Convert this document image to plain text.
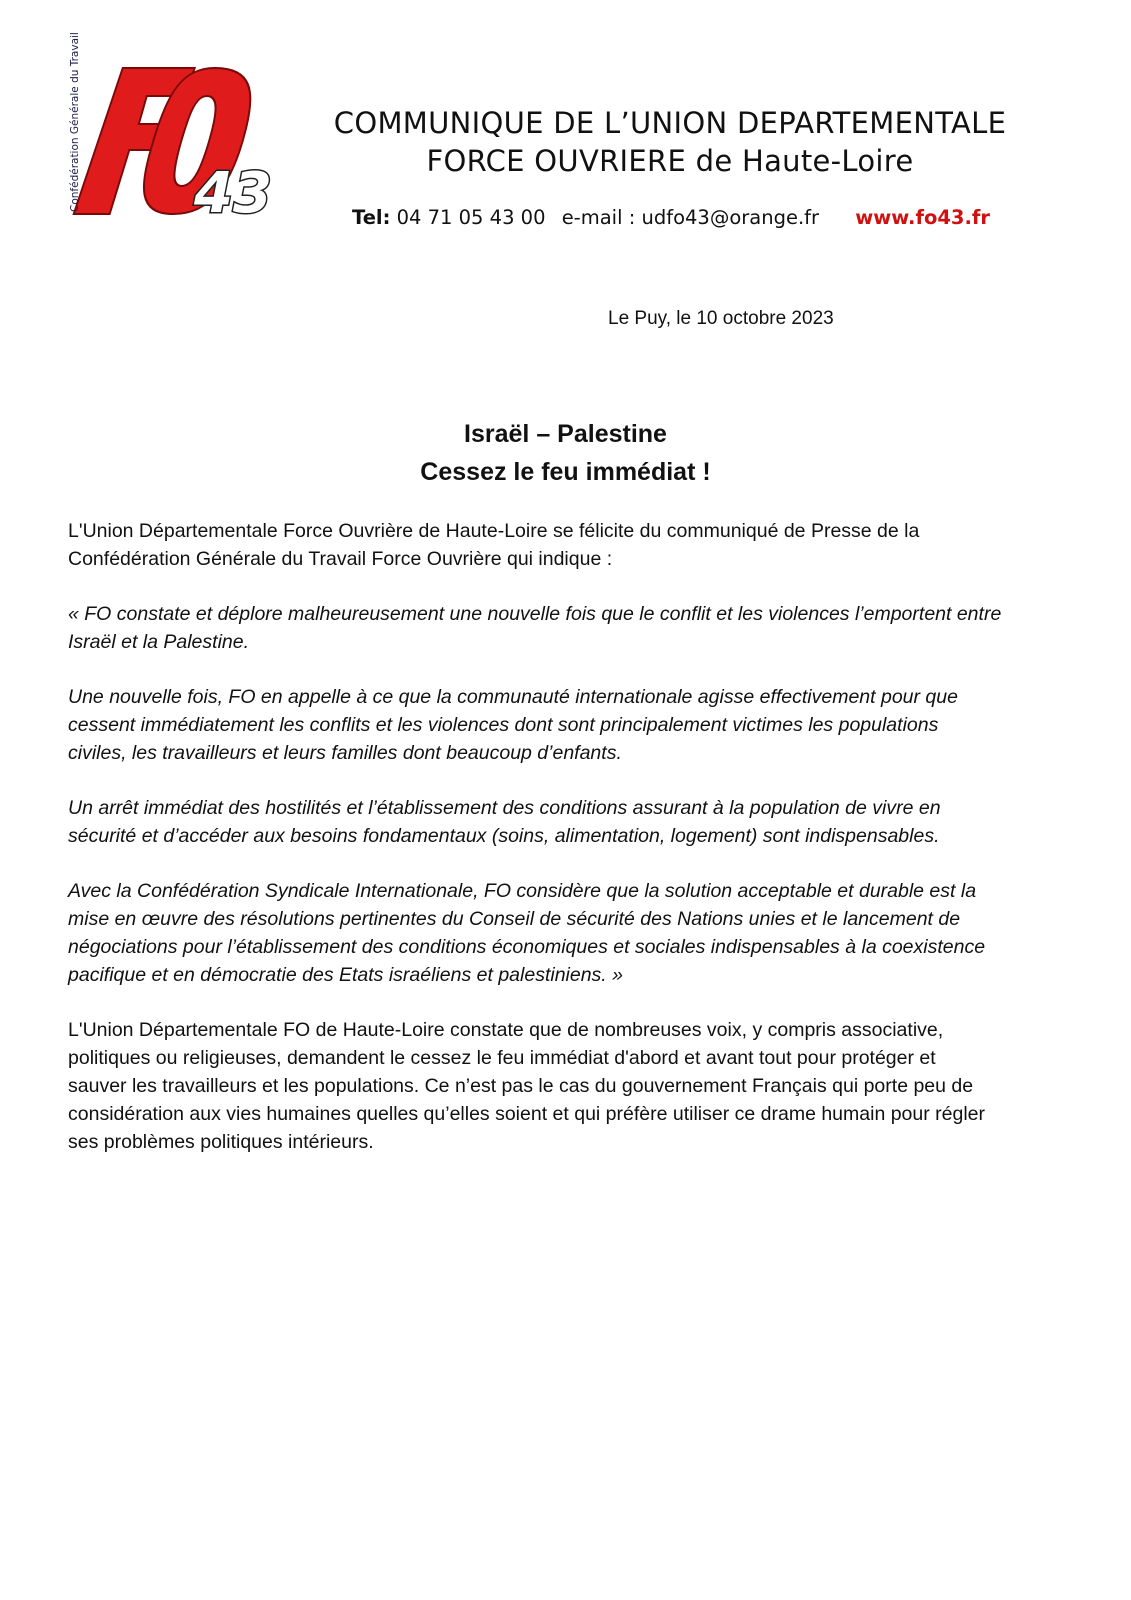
43
Confédération Générale du Travail	COMMUNIQUE DE L’UNION DEPARTEMENTALE
FORCE OUVRIERE de Haute-Loire
Tel: 04 71 05 43 00 e-mail : udfo43@orange.fr www.fo43.fr
Le Puy, le 10 octobre 2023
Israël – Palestine
Cessez le feu immédiat !

L'Union Départementale Force Ouvrière de Haute-Loire se félicite du communiqué de Presse de la
Confédération Générale du Travail Force Ouvrière qui indique :

« FO constate et déplore malheureusement une nouvelle fois que le conflit et les violences l’emportent entre
Israël et la Palestine.

Une nouvelle fois, FO en appelle à ce que la communauté internationale agisse effectivement pour que
cessent immédiatement les conflits et les violences dont sont principalement victimes les populations
civiles, les travailleurs et leurs familles dont beaucoup d’enfants.

Un arrêt immédiat des hostilités et l’établissement des conditions assurant à la population de vivre en
sécurité et d’accéder aux besoins fondamentaux (soins, alimentation, logement) sont indispensables.

Avec la Confédération Syndicale Internationale, FO considère que la solution acceptable et durable est la
mise en œuvre des résolutions pertinentes du Conseil de sécurité des Nations unies et le lancement de
négociations pour l’établissement des conditions économiques et sociales indispensables à la coexistence
pacifique et en démocratie des Etats israéliens et palestiniens. »

L'Union Départementale FO de Haute-Loire constate que de nombreuses voix, y compris associative,
politiques ou religieuses, demandent le cessez le feu immédiat d'abord et avant tout pour protéger et
sauver les travailleurs et les populations. Ce n’est pas le cas du gouvernement Français qui porte peu de
considération aux vies humaines quelles qu’elles soient et qui préfère utiliser ce drame humain pour régler
ses problèmes politiques intérieurs.
